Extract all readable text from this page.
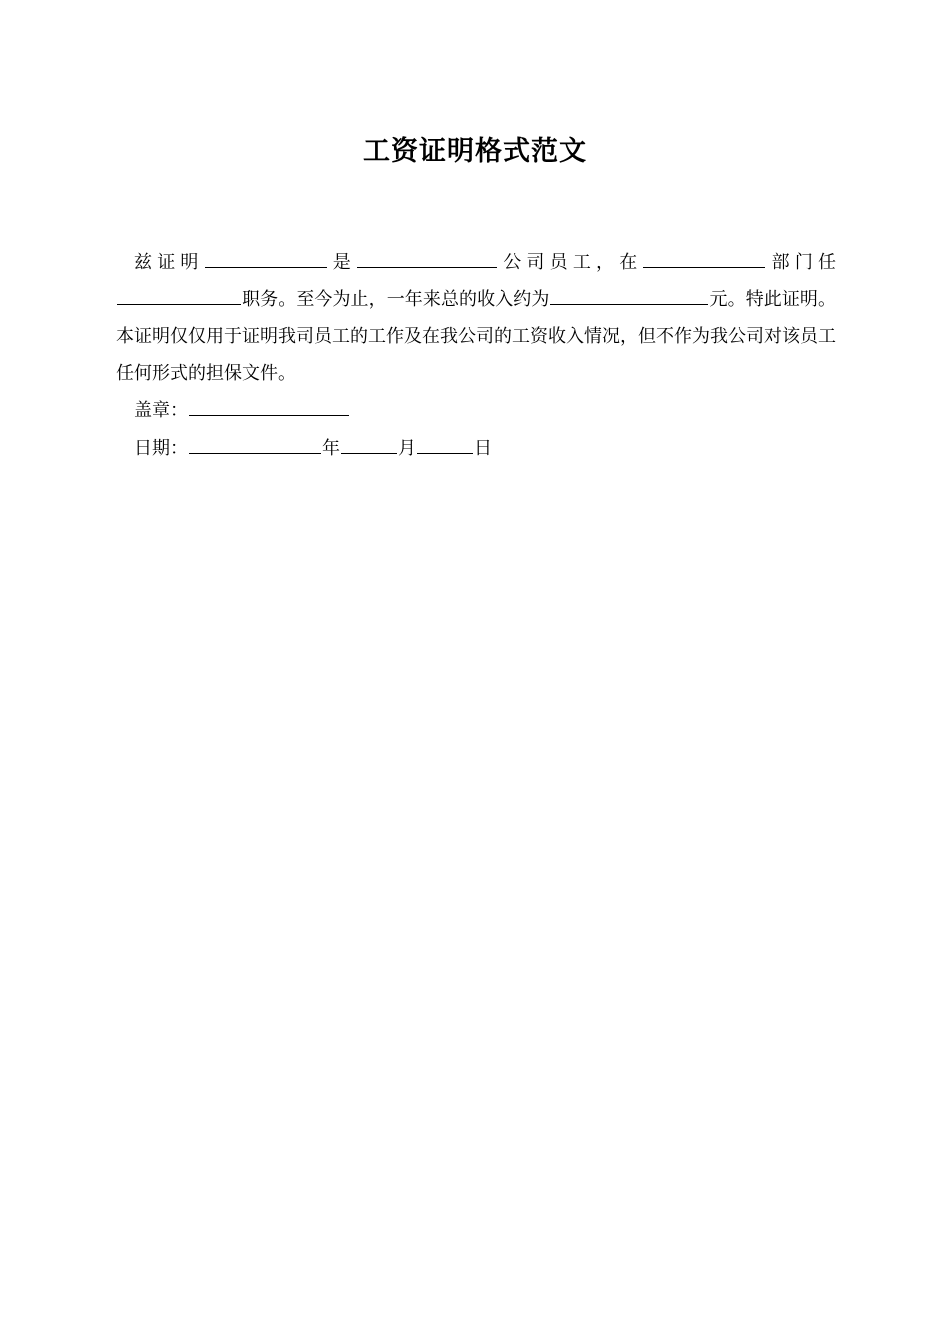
工资证明格式范文
兹证明	是	公司员工，在	部门任职务。至今为止，一年来总的收入约为	元。特此证明。本证明仅仅用于证明我司员工的工作及在我公司的工资收入情况，但不作为我公司对该员工任何形式的担保文件。
盖章：
日期：	年	月	日
